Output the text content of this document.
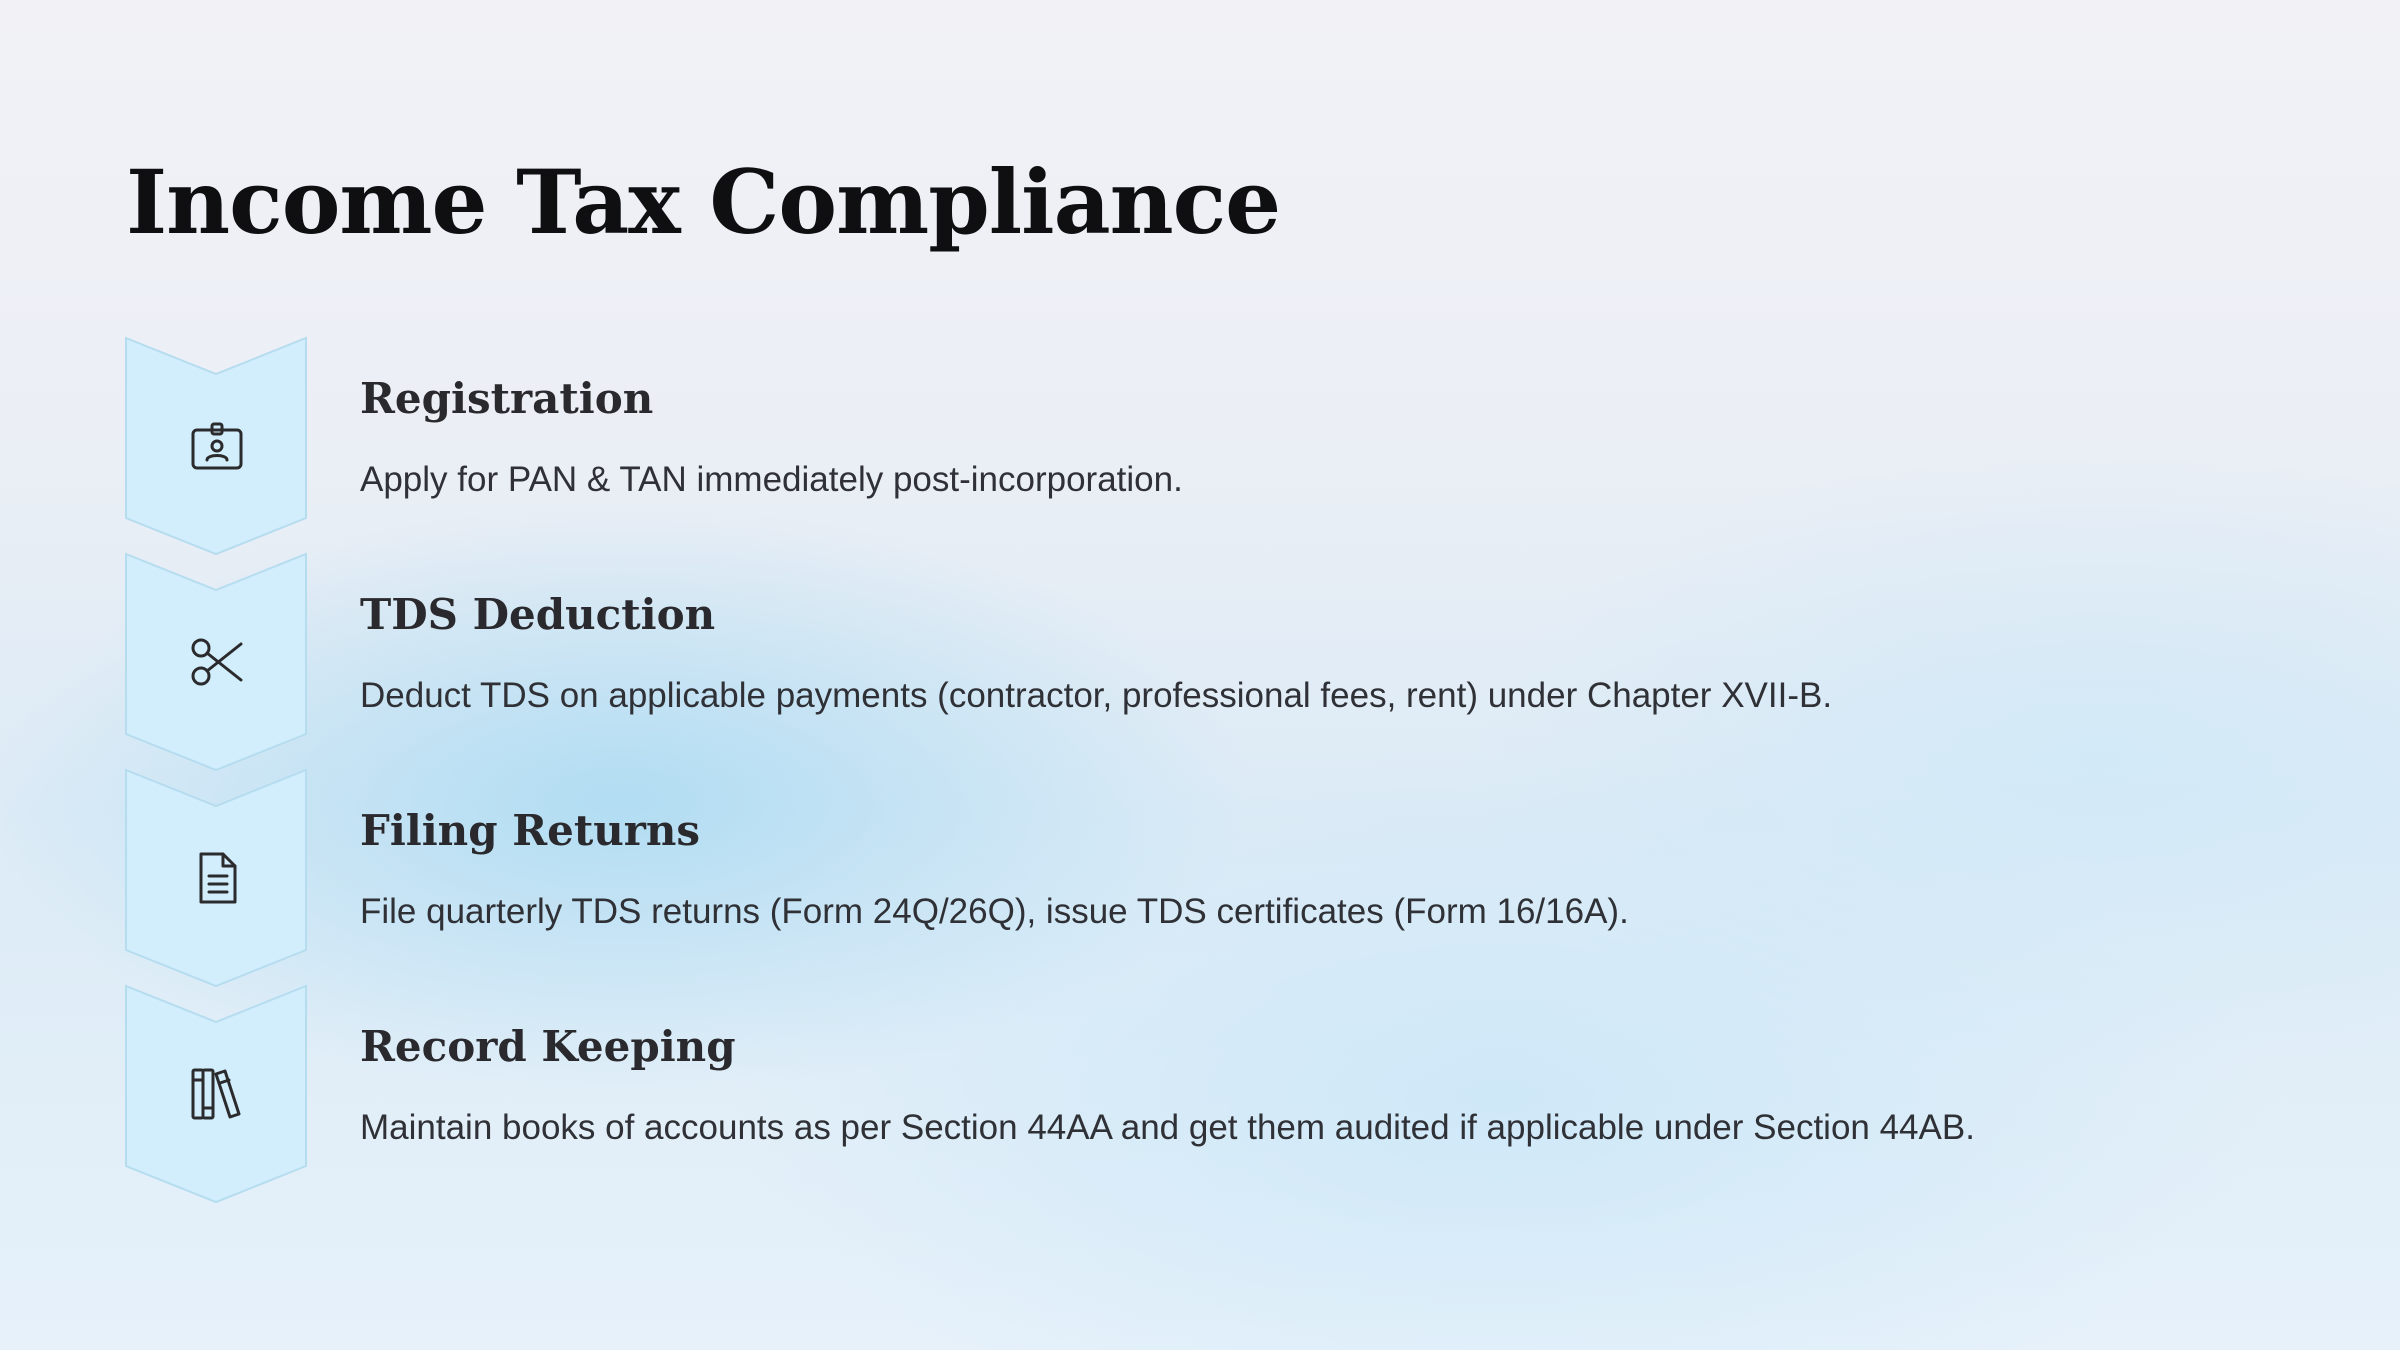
Income Tax Compliance
Registration

Apply for PAN & TAN immediately post-incorporation.

TDS Deduction

Deduct TDS on applicable payments (contractor, professional fees, rent) under Chapter XVII-B.

Filing Returns

File quarterly TDS returns (Form 24Q/26Q), issue TDS certificates (Form 16/16A).

Record Keeping

Maintain books of accounts as per Section 44AA and get them audited if applicable under Section 44AB.
